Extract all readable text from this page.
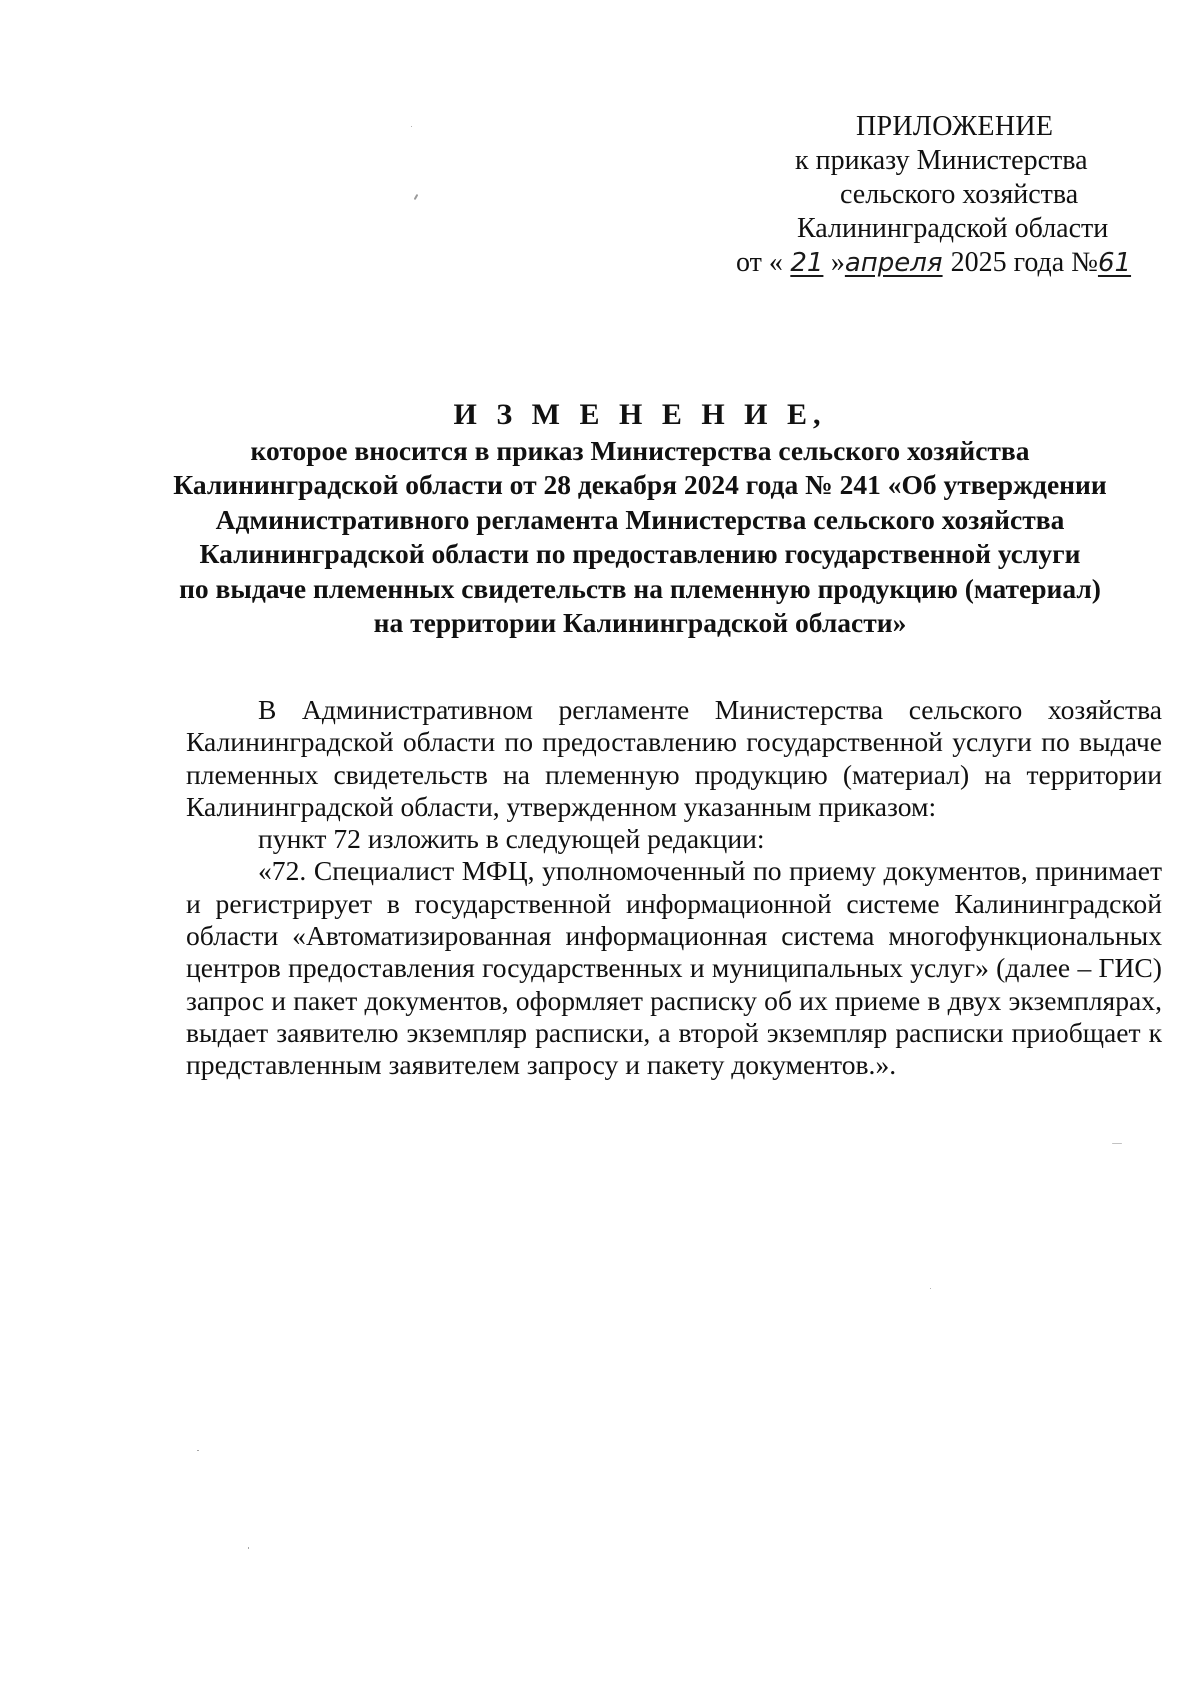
ПРИЛОЖЕНИЕ
к приказу Министерства
сельского хозяйства
Калининградской области
от « 21 »апреля 2025 года №61
И З М Е Н Е Н И Е,
которое вносится в приказ Министерства сельского хозяйства
Калининградской области от 28 декабря 2024 года № 241 «Об утверждении
Административного регламента Министерства сельского хозяйства
Калининградской области по предоставлению государственной услуги
по выдаче племенных свидетельств на племенную продукцию (материал)
на территории Калининградской области»

В Административном регламенте Министерства сельского хозяйства Калининградской области по предоставлению государственной услуги по выдаче племенных свидетельств на племенную продукцию (материал) на территории Калининградской области, утвержденном указанным приказом:

пункт 72 изложить в следующей редакции:

«72. Специалист МФЦ, уполномоченный по приему документов, принимает и регистрирует в государственной информационной системе Калининградской области «Автоматизированная информационная система многофункциональных центров предоставления государственных и муниципальных услуг» (далее – ГИС) запрос и пакет документов, оформляет расписку об их приеме в двух экземплярах, выдает заявителю экземпляр расписки, а второй экземпляр расписки приобщает к представленным заявителем запросу и пакету документов.».
